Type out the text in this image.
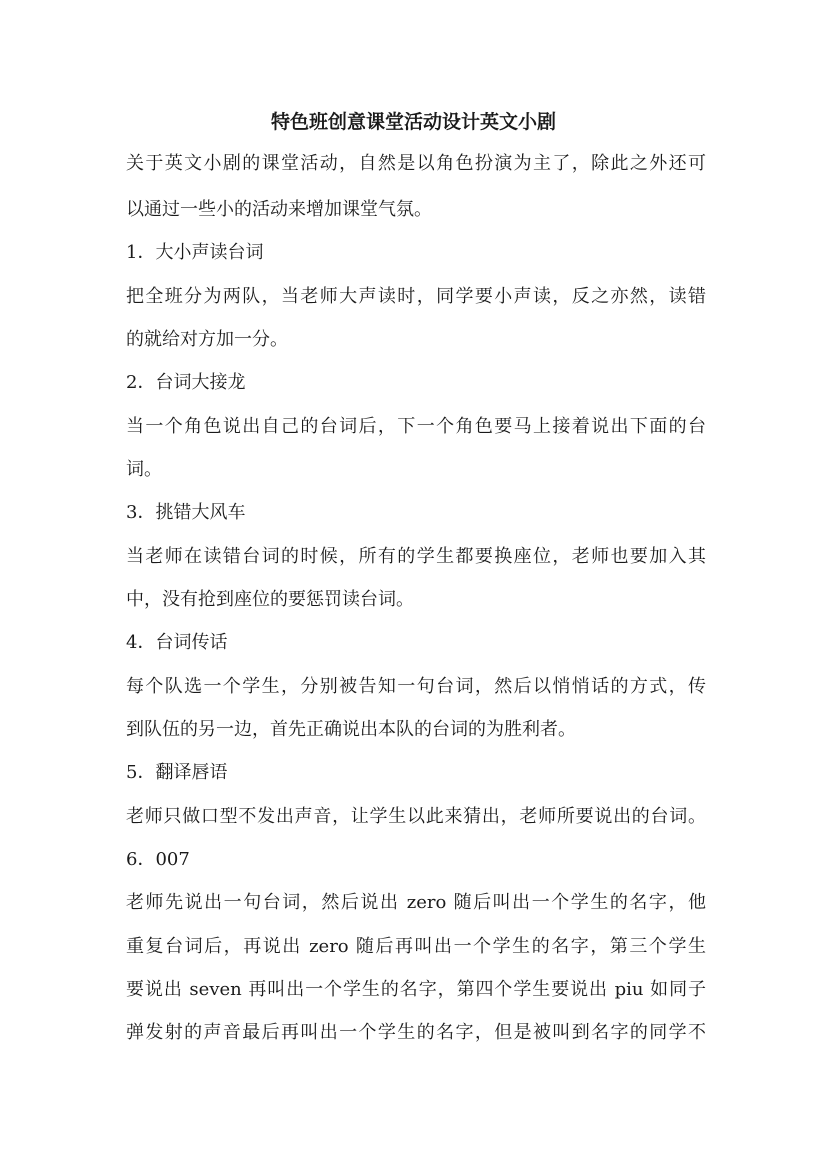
特色班创意课堂活动设计英文小剧
关于英文小剧的课堂活动，自然是以角色扮演为主了，除此之外还可
以通过一些小的活动来增加课堂气氛。
1．大小声读台词
把全班分为两队，当老师大声读时，同学要小声读，反之亦然，读错
的就给对方加一分。
2．台词大接龙
当一个角色说出自己的台词后，下一个角色要马上接着说出下面的台
词。
3．挑错大风车
当老师在读错台词的时候，所有的学生都要换座位，老师也要加入其
中，没有抢到座位的要惩罚读台词。
4．台词传话
每个队选一个学生，分别被告知一句台词，然后以悄悄话的方式，传
到队伍的另一边，首先正确说出本队的台词的为胜利者。
5．翻译唇语
老师只做口型不发出声音，让学生以此来猜出，老师所要说出的台词。
6．007
老师先说出一句台词，然后说出 zero 随后叫出一个学生的名字，他
重复台词后，再说出 zero 随后再叫出一个学生的名字，第三个学生
要说出 seven 再叫出一个学生的名字，第四个学生要说出 piu 如同子
弹发射的声音最后再叫出一个学生的名字，但是被叫到名字的同学不
